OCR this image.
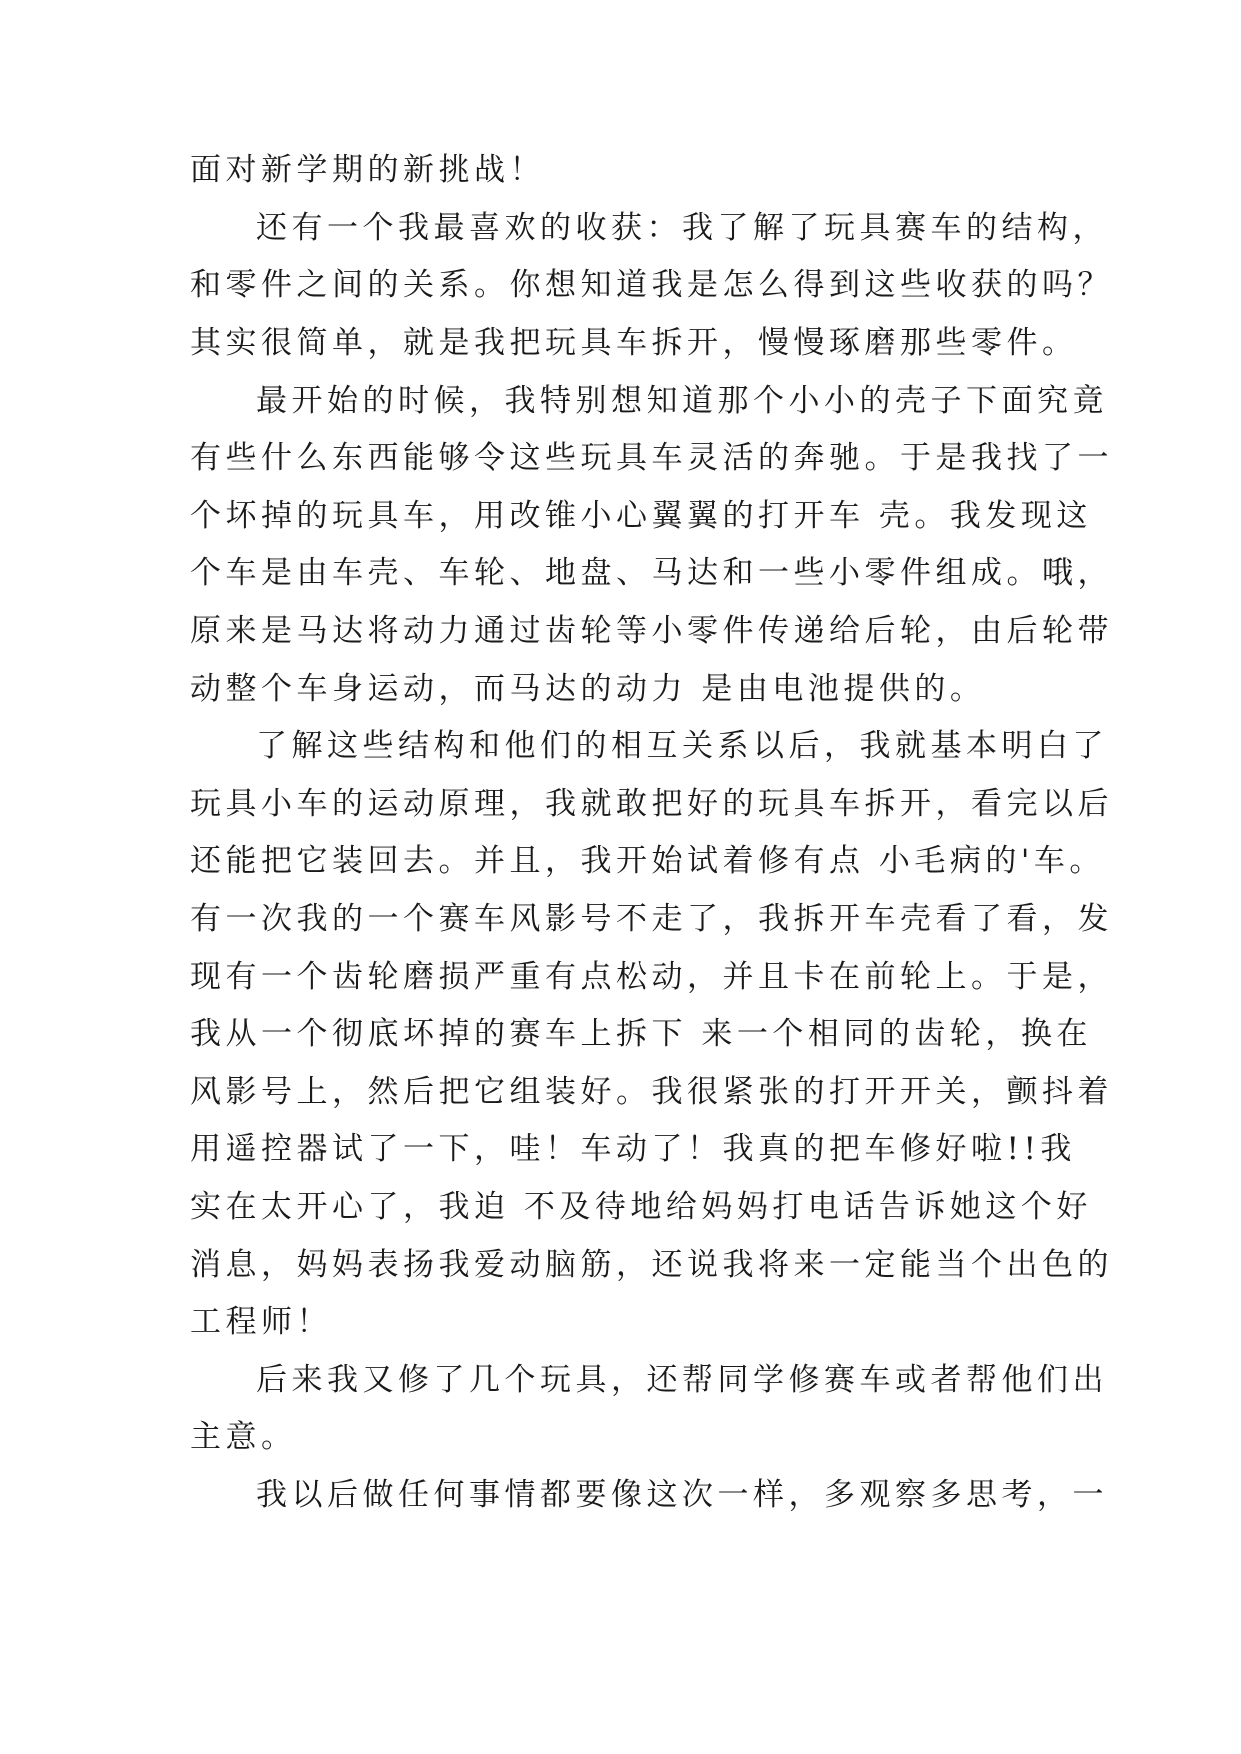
面对新学期的新挑战！
还有一个我最喜欢的收获：我了解了玩具赛车的结构，
和零件之间的关系。你想知道我是怎么得到这些收获的吗？
其实很简单，就是我把玩具车拆开，慢慢琢磨那些零件。
最开始的时候，我特别想知道那个小小的壳子下面究竟
有些什么东西能够令这些玩具车灵活的奔驰。于是我找了一
个坏掉的玩具车，用改锥小心翼翼的打开车 壳。我发现这
个车是由车壳、车轮、地盘、马达和一些小零件组成。哦，
原来是马达将动力通过齿轮等小零件传递给后轮，由后轮带
动整个车身运动，而马达的动力 是由电池提供的。
了解这些结构和他们的相互关系以后，我就基本明白了
玩具小车的运动原理，我就敢把好的玩具车拆开，看完以后
还能把它装回去。并且，我开始试着修有点 小毛病的'车。
有一次我的一个赛车风影号不走了，我拆开车壳看了看，发
现有一个齿轮磨损严重有点松动，并且卡在前轮上。于是，
我从一个彻底坏掉的赛车上拆下 来一个相同的齿轮，换在
风影号上，然后把它组装好。我很紧张的打开开关，颤抖着
用遥控器试了一下，哇！车动了！我真的把车修好啦!!我
实在太开心了，我迫 不及待地给妈妈打电话告诉她这个好
消息，妈妈表扬我爱动脑筋，还说我将来一定能当个出色的
工程师！
后来我又修了几个玩具，还帮同学修赛车或者帮他们出
主意。
我以后做任何事情都要像这次一样，多观察多思考，一
